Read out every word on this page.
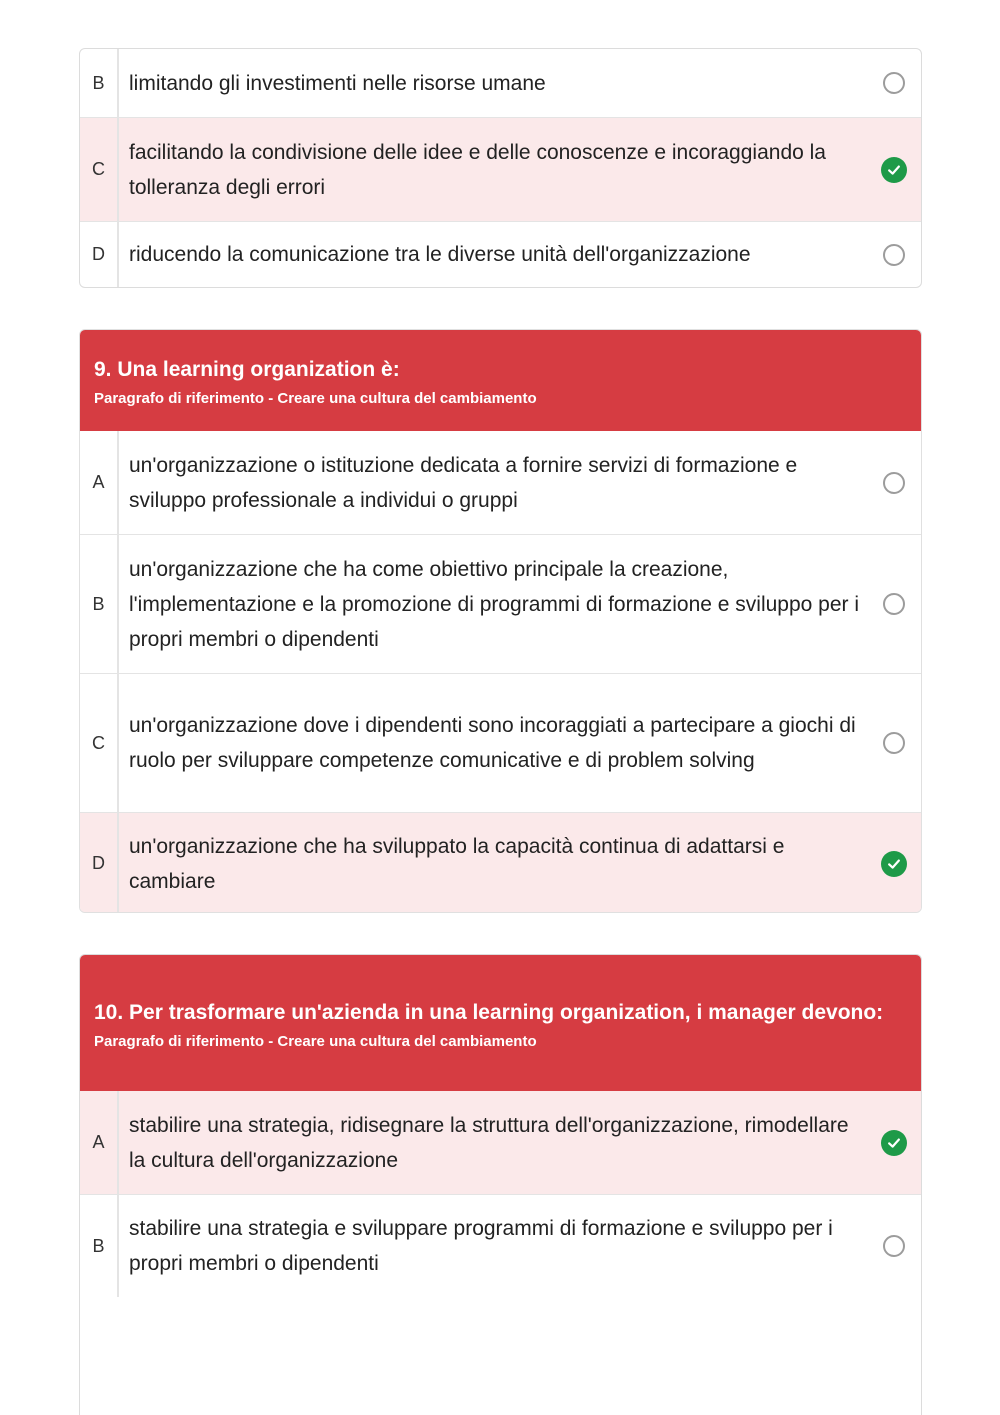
B	limitando gli investimenti nelle risorse umane
C
facilitando la condivisione delle idee e delle conoscenze e incoraggiando la tolleranza degli errori
D	riducendo la comunicazione tra le diverse unità dell'organizzazione
9. Una learning organization è:
Paragrafo di riferimento - Creare una cultura del cambiamento
A
un'organizzazione o istituzione dedicata a fornire servizi di formazione e sviluppo professionale a individui o gruppi
B
un'organizzazione che ha come obiettivo principale la creazione, l'implementazione e la promozione di programmi di formazione e sviluppo per i propri membri o dipendenti
C
un'organizzazione dove i dipendenti sono incoraggiati a partecipare a giochi di ruolo per sviluppare competenze comunicative e di problem solving
D
un'organizzazione che ha sviluppato la capacità continua di adattarsi e cambiare
10. Per trasformare un'azienda in una learning organization, i manager devono:
Paragrafo di riferimento - Creare una cultura del cambiamento
A
stabilire una strategia, ridisegnare la struttura dell'organizzazione, rimodellare la cultura dell'organizzazione
B
stabilire una strategia e sviluppare programmi di formazione e sviluppo per i propri membri o dipendenti
